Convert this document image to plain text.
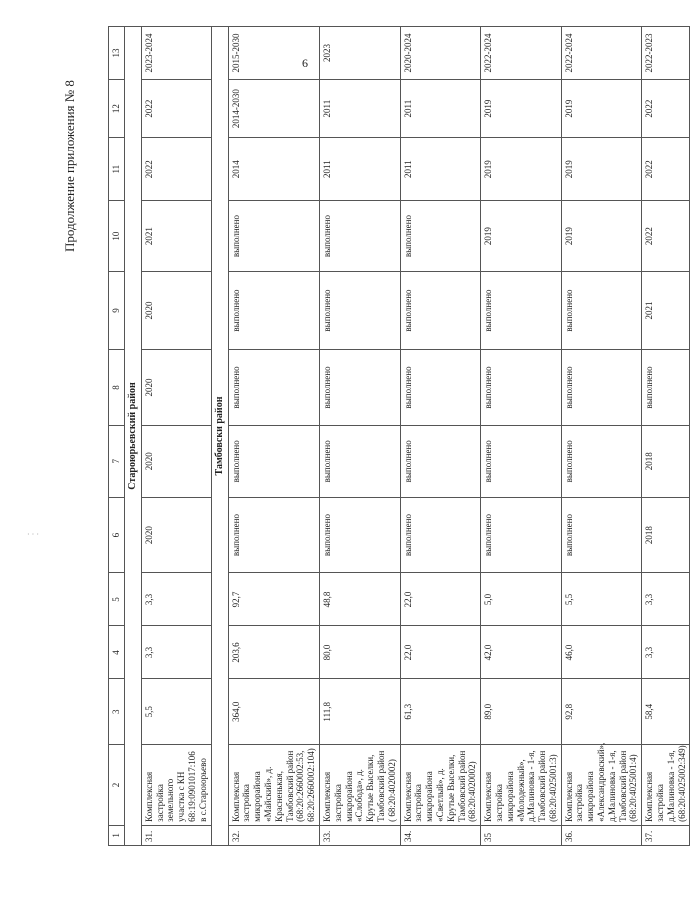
6
Продолжение приложения № 8
1	2	3	4	5	6	7	8	9	10	11	12	13
Староюрьевский район												
31.	Комплексная застройка земельного участка с КН 68:19:0901017:106 в с.Староюрьево	5,5	3,3	3,3	2020	2020	2020	2020	2021	2022	2022	2023-2024
Тамбовски район												
32.	Комплексная застройка микрорайона «Майский», д. Красненькая, Тамбовский район (68:20:2660002:53, 68:20:2660002:104)	364,0	203,6	92,7	выполнено	выполнено	выполнено	выполнено	выполнено	2014	2014-2030	2015-2030
33.	Комплексная застройка микрорайона «Слобода», д. Крутые Выселки, Тамбовский район ( 68:20:4020002)	111,8	80,0	48,8	выполнено	выполнено	выполнено	выполнено	выполнено	2011	2011	2023
34.	Комплексная застройка микрорайона «Светлый», д. Крутые Выселки, Тамбовский район (68:20:4020002)	61,3	22,0	22,0	выполнено	выполнено	выполнено	выполнено	выполнено	2011	2011	2020-2024
35	Комплексная застройка микрорайона «Молодежный», д.Малиновка - 1-я, Тамбовский район (68:20:4025001:3)	89,0	42,0	5,0	выполнено	выполнено	выполнено	выполнено	2019	2019	2019	2022-2024
36.	Комплексная застройка микрорайона «Александровский», д.Малиновка - 1-я, Тамбовский район (68:20:4025001:4)	92,8	46,0	5,5	выполнено	выполнено	выполнено	выполнено	2019	2019	2019	2022-2024
37.	Комплексная застройка д.Малиновка - 1-я, (68:20:4025002:349)	58,4	3,3	3,3	2018	2018	выполнено	2021	2022	2022	2022	2022-2023
· · ·
